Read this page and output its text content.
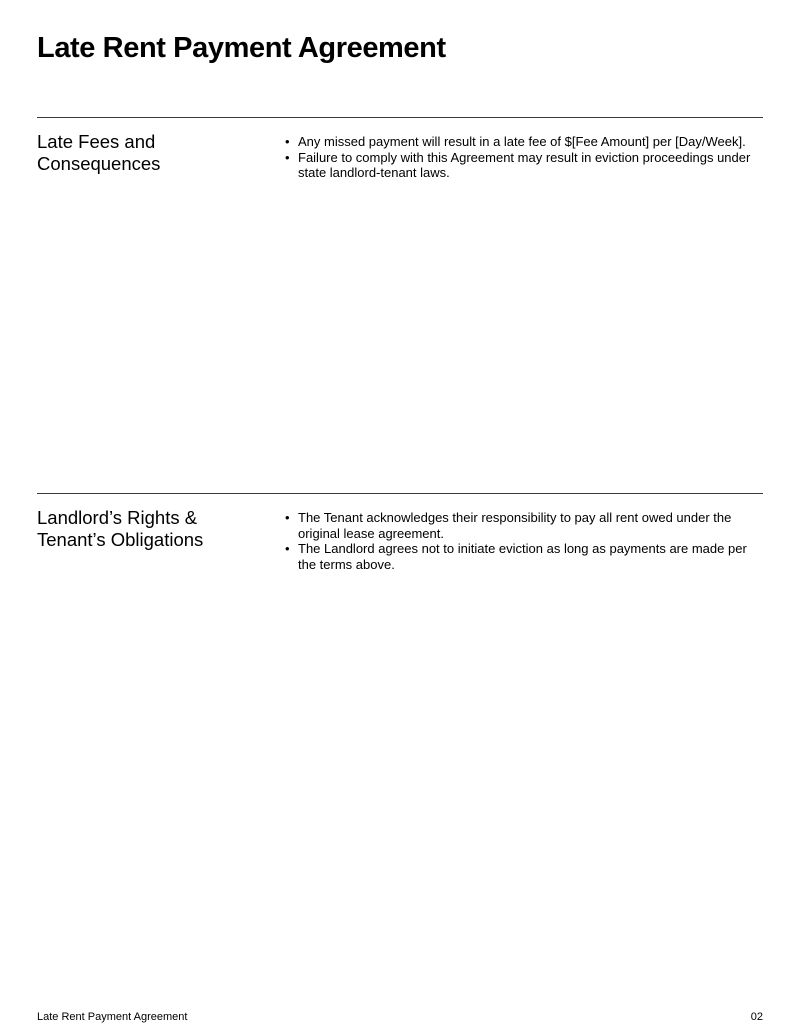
Late Rent Payment Agreement
Late Fees and Consequences
• Any missed payment will result in a late fee of $[Fee Amount] per [Day/Week].
• Failure to comply with this Agreement may result in eviction proceedings under state landlord-tenant laws.
Landlord’s Rights & Tenant’s Obligations
• The Tenant acknowledges their responsibility to pay all rent owed under the original lease agreement.
• The Landlord agrees not to initiate eviction as long as payments are made per the terms above.
Late Rent Payment Agreement	02
